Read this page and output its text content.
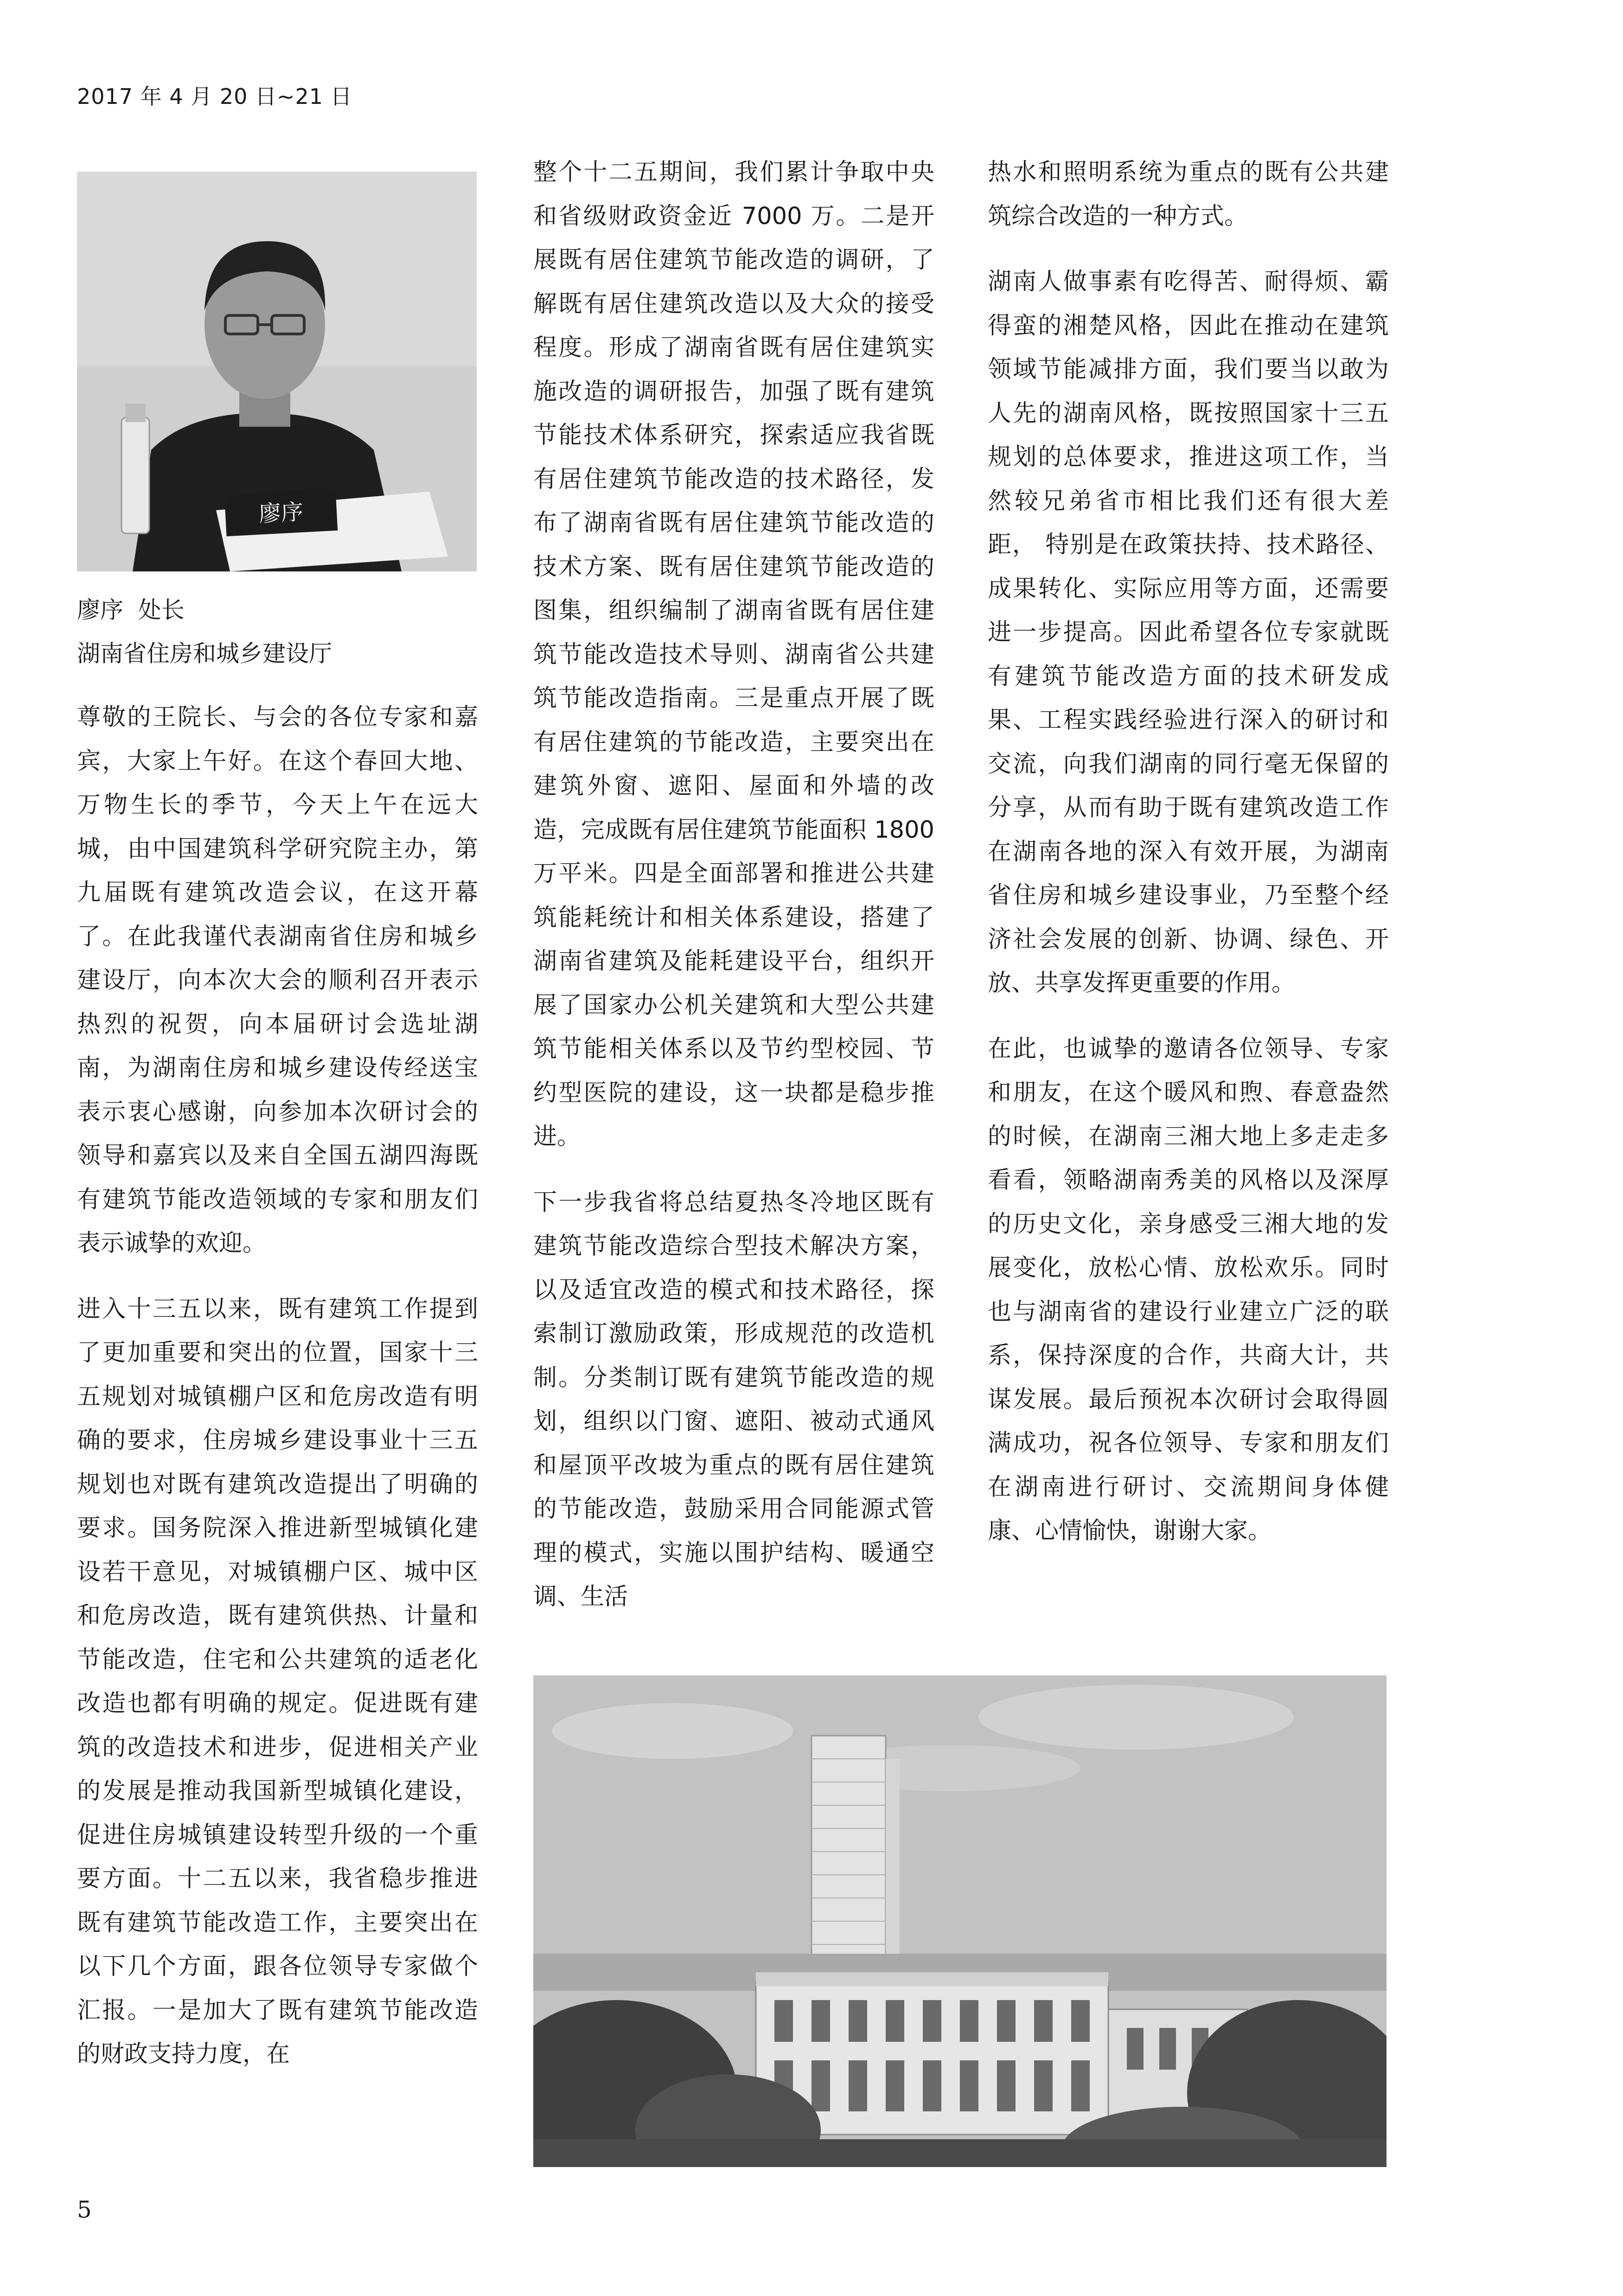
2017 年 4 月 20 日~21 日
廖序
廖序  处长
湖南省住房和城乡建设厅

尊敬的王院长、与会的各位专家和嘉宾，大家上午好。在这个春回大地、万物生长的季节，今天上午在远大城，由中国建筑科学研究院主办，第九届既有建筑改造会议，在这开幕了。在此我谨代表湖南省住房和城乡建设厅，向本次大会的顺利召开表示热烈的祝贺，向本届研讨会选址湖南，为湖南住房和城乡建设传经送宝表示衷心感谢，向参加本次研讨会的领导和嘉宾以及来自全国五湖四海既有建筑节能改造领域的专家和朋友们表示诚挚的欢迎。

进入十三五以来，既有建筑工作提到了更加重要和突出的位置，国家十三五规划对城镇棚户区和危房改造有明确的要求，住房城乡建设事业十三五规划也对既有建筑改造提出了明确的要求。国务院深入推进新型城镇化建设若干意见，对城镇棚户区、城中区和危房改造，既有建筑供热、计量和节能改造，住宅和公共建筑的适老化改造也都有明确的规定。促进既有建筑的改造技术和进步，促进相关产业的发展是推动我国新型城镇化建设，促进住房城镇建设转型升级的一个重要方面。十二五以来，我省稳步推进既有建筑节能改造工作，主要突出在以下几个方面，跟各位领导专家做个汇报。一是加大了既有建筑节能改造的财政支持力度，在

整个十二五期间，我们累计争取中央和省级财政资金近 7000 万。二是开展既有居住建筑节能改造的调研，了解既有居住建筑改造以及大众的接受程度。形成了湖南省既有居住建筑实施改造的调研报告，加强了既有建筑节能技术体系研究，探索适应我省既有居住建筑节能改造的技术路径，发布了湖南省既有居住建筑节能改造的技术方案、既有居住建筑节能改造的图集，组织编制了湖南省既有居住建筑节能改造技术导则、湖南省公共建筑节能改造指南。三是重点开展了既有居住建筑的节能改造，主要突出在建筑外窗、遮阳、屋面和外墙的改造，完成既有居住建筑节能面积 1800 万平米。四是全面部署和推进公共建筑能耗统计和相关体系建设，搭建了湖南省建筑及能耗建设平台，组织开展了国家办公机关建筑和大型公共建筑节能相关体系以及节约型校园、节约型医院的建设，这一块都是稳步推进。

下一步我省将总结夏热冬冷地区既有建筑节能改造综合型技术解决方案，以及适宜改造的模式和技术路径，探索制订激励政策，形成规范的改造机制。分类制订既有建筑节能改造的规划，组织以门窗、遮阳、被动式通风和屋顶平改坡为重点的既有居住建筑的节能改造，鼓励采用合同能源式管理的模式，实施以围护结构、暖通空调、生活

热水和照明系统为重点的既有公共建筑综合改造的一种方式。

湖南人做事素有吃得苦、耐得烦、霸得蛮的湘楚风格，因此在推动在建筑领域节能减排方面，我们要当以敢为人先的湖南风格，既按照国家十三五规划的总体要求，推进这项工作，当然较兄弟省市相比我们还有很大差距， 特别是在政策扶持、技术路径、成果转化、实际应用等方面，还需要进一步提高。因此希望各位专家就既有建筑节能改造方面的技术研发成果、工程实践经验进行深入的研讨和交流，向我们湖南的同行毫无保留的分享，从而有助于既有建筑改造工作在湖南各地的深入有效开展，为湖南省住房和城乡建设事业，乃至整个经济社会发展的创新、协调、绿色、开放、共享发挥更重要的作用。

在此，也诚挚的邀请各位领导、专家和朋友，在这个暖风和煦、春意盎然的时候，在湖南三湘大地上多走走多看看，领略湖南秀美的风格以及深厚的历史文化，亲身感受三湘大地的发展变化，放松心情、放松欢乐。同时也与湖南省的建设行业建立广泛的联系，保持深度的合作，共商大计，共谋发展。最后预祝本次研讨会取得圆满成功，祝各位领导、专家和朋友们在湖南进行研讨、交流期间身体健康、心情愉快，谢谢大家。

5
